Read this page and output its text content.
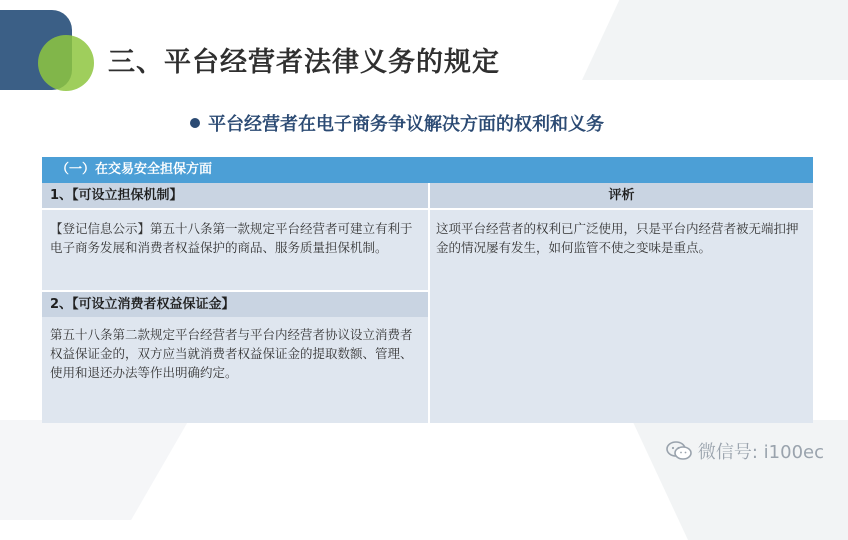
三、平台经营者法律义务的规定
平台经营者在电子商务争议解决方面的权利和义务
（一）在交易安全担保方面
1、【可设立担保机制】	评析
【登记信息公示】第五十八条第一款规定平台经营者可建立有利于电子商务发展和消费者权益保护的商品、服务质量担保机制。
这项平台经营者的权利已广泛使用，只是平台内经营者被无端扣押金的情况屡有发生，如何监管不使之变味是重点。
2、【可设立消费者权益保证金】
第五十八条第二款规定平台经营者与平台内经营者协议设立消费者权益保证金的，双方应当就消费者权益保证金的提取数额、管理、使用和退还办法等作出明确约定。
微信号: i100ec
